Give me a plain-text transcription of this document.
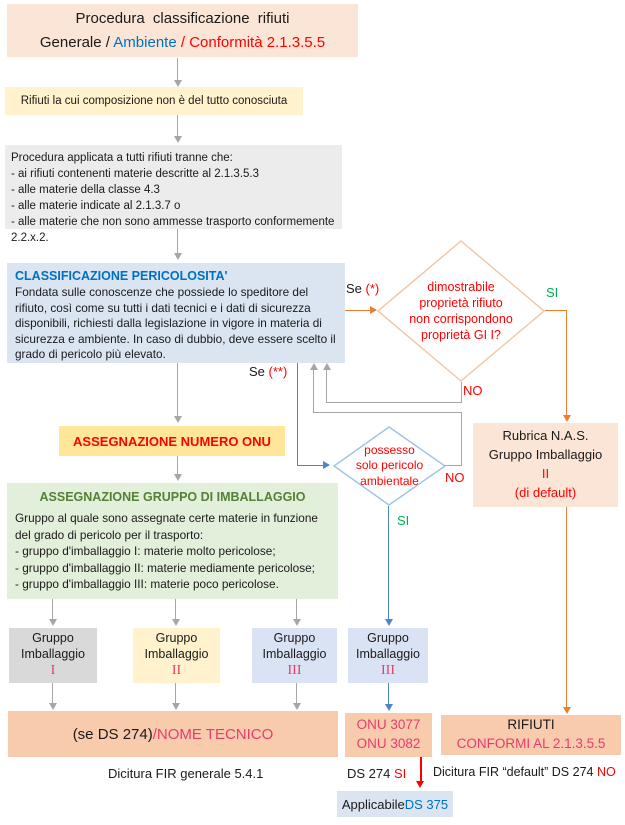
Procedura classificazione rifiuti
Generale / Ambiente / Conformità 2.1.3.5.5
Rifiuti la cui composizione non è del tutto conosciuta
Procedura applicata a tutti rifiuti tranne che:
- ai rifiuti contenenti materie descritte al 2.1.3.5.3
- alle materie della classe 4.3
- alle materie indicate al 2.1.3.7 o
- alle materie che non sono ammesse trasporto conformemente 2.2.x.2.
CLASSIFICAZIONE PERICOLOSITA'
Fondata sulle conoscenze che possiede lo speditore del rifiuto, così come su tutti i dati tecnici e i dati di sicurezza disponibili, richiesti dalla legislazione in vigore in materia di sicurezza e ambiente. In caso di dubbio, deve essere scelto il grado di pericolo più elevato.
Se (*)	dimostrabile
proprietà rifiuto
non corrispondono
proprietà GI I?
SI
NO
Se (**)
ASSEGNAZIONE NUMERO ONU
possesso
solo pericolo
ambientale NO
SI
ASSEGNAZIONE GRUPPO DI IMBALLAGGIO
Gruppo al quale sono assegnate certe materie in funzione
del grado di pericolo per il trasporto:
- gruppo d'imballaggio I: materie molto pericolose;
- gruppo d'imballaggio II: materie mediamente pericolose;
- gruppo d'imballaggio III: materie poco pericolose.
Gruppo
Imballaggio
I
Gruppo
Imballaggio
II
Gruppo
Imballaggio
III
Gruppo
Imballaggio
III
(se DS 274) / NOME TECNICO
Dicitura FIR generale 5.4.1
ONU 3077
ONU 3082
DS 274 SI
Applicabile DS 375
Rubrica N.A.S.
Gruppo Imballaggio
II
(di default)
RIFIUTI
CONFORMI AL 2.1.3.5.5
Dicitura FIR “default” DS 274 NO
